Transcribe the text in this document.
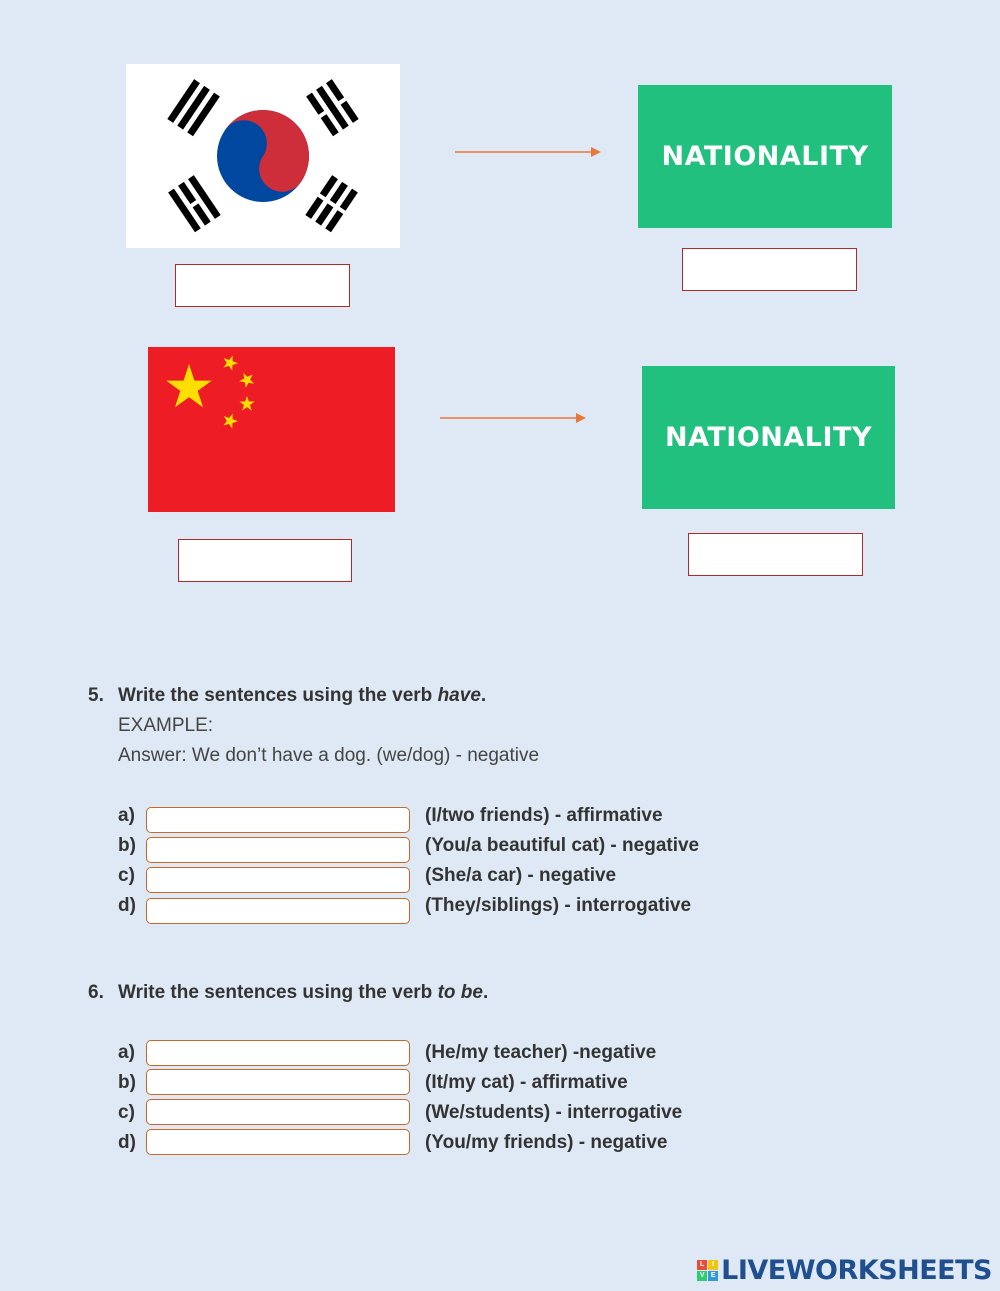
NATIONALITY
NATIONALITY
5. Write the sentences using the verb have.
EXAMPLE:
Answer: We don’t have a dog. (we/dog) - negative
a)	(I/two friends) - affirmative
b)	(You/a beautiful cat) - negative
c)	(She/a car) - negative
d)	(They/siblings) - interrogative
6. Write the sentences using the verb to be.
a)	(He/my teacher) -negative
b)	(It/my cat) - affirmative
c)	(We/students) - interrogative
d)	(You/my friends) - negative
L	I
V E LIVEWORKSHEETS
